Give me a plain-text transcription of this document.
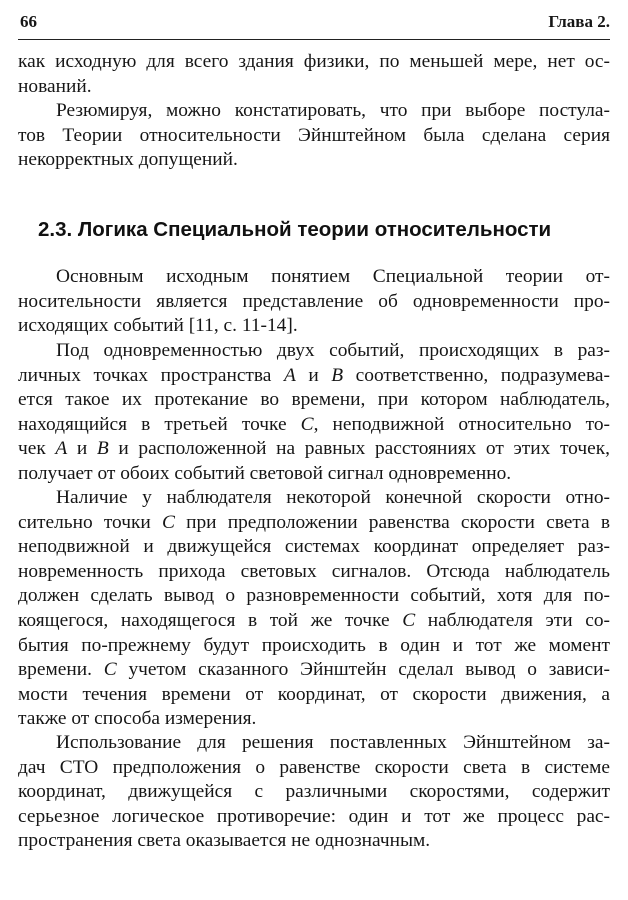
66	Глава 2.
как исходную для всего здания физики, по меньшей мере, нет ос-
нований.
Резюмируя, можно констатировать, что при выборе постула-
тов Теории относительности Эйнштейном была сделана серия
некорректных допущений.
2.3. Логика Специальной теории относительности
Основным исходным понятием Специальной теории от-
носительности является представление об одновременности про-
исходящих событий [11, с. 11-14].
Под одновременностью двух событий, происходящих в раз-
личных точках пространства А и В соответственно, подразумева-
ется такое их протекание во времени, при котором наблюдатель,
находящийся в третьей точке С, неподвижной относительно то-
чек А и В и расположенной на равных расстояниях от этих точек,
получает от обоих событий световой сигнал одновременно.
Наличие у наблюдателя некоторой конечной скорости отно-
сительно точки С при предположении равенства скорости света в
неподвижной и движущейся системах координат определяет раз-
новременность прихода световых сигналов. Отсюда наблюдатель
должен сделать вывод о разновременности событий, хотя для по-
коящегося, находящегося в той же точке С наблюдателя эти со-
бытия по-прежнему будут происходить в один и тот же момент
времени. С учетом сказанного Эйнштейн сделал вывод о зависи-
мости течения времени от координат, от скорости движения, а
также от способа измерения.
Использование для решения поставленных Эйнштейном за-
дач СТО предположения о равенстве скорости света в системе
координат, движущейся с различными скоростями, содержит
серьезное логическое противоречие: один и тот же процесс рас-
пространения света оказывается не однозначным.
